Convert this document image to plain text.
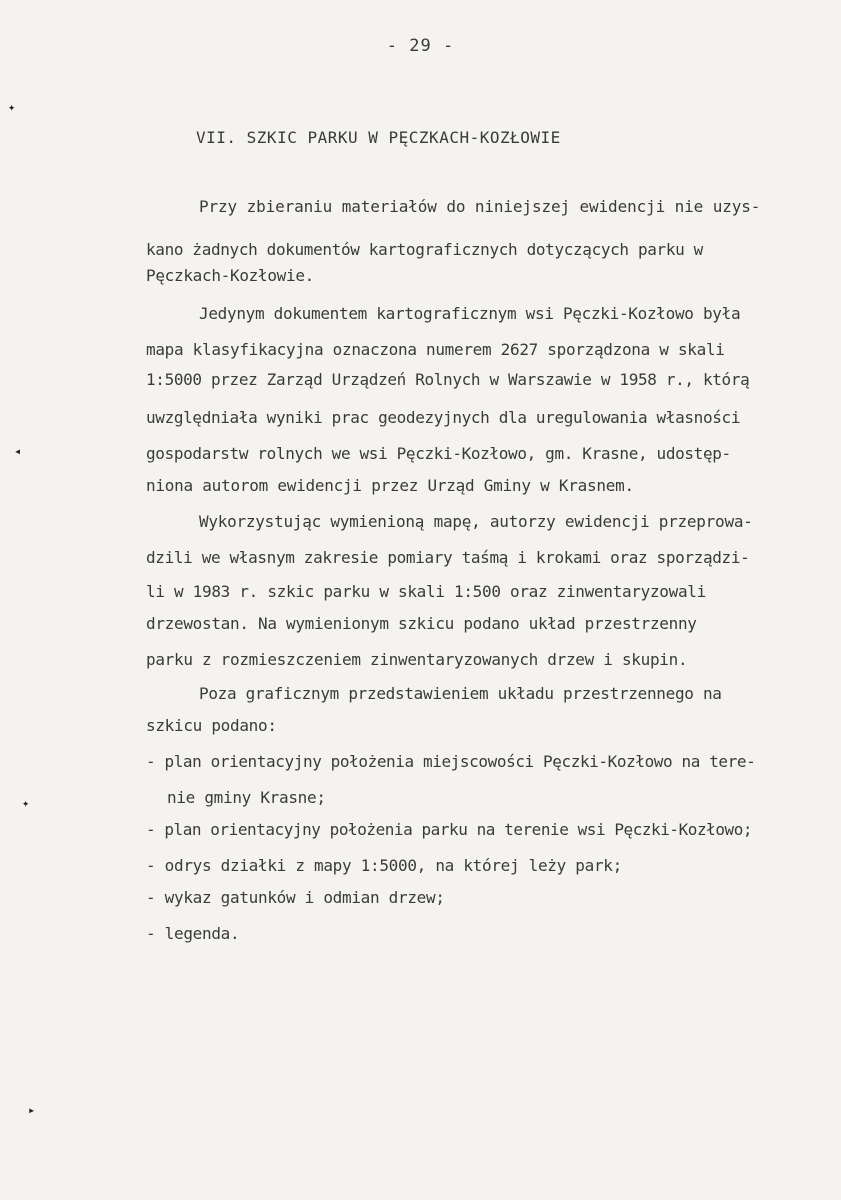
- 29 -
VII. SZKIC PARKU W PĘCZKACH-KOZŁOWIE
Przy zbieraniu materiałów do niniejszej ewidencji nie uzys-
kano żadnych dokumentów kartograficznych dotyczących parku w
Pęczkach-Kozłowie.
Jedynym dokumentem kartograficznym wsi Pęczki-Kozłowo była
mapa klasyfikacyjna oznaczona numerem 2627 sporządzona w skali
1:5000 przez Zarząd Urządzeń Rolnych w Warszawie w 1958 r., którą
uwzględniała wyniki prac geodezyjnych dla uregulowania własności
gospodarstw rolnych we wsi Pęczki-Kozłowo, gm. Krasne, udostęp-
niona autorom ewidencji przez Urząd Gminy w Krasnem.
Wykorzystując wymienioną mapę, autorzy ewidencji przeprowa-
dzili we własnym zakresie pomiary taśmą i krokami oraz sporządzi-
li w 1983 r. szkic parku w skali 1:500 oraz zinwentaryzowali
drzewostan. Na wymienionym szkicu podano układ przestrzenny
parku z rozmieszczeniem zinwentaryzowanych drzew i skupin.
Poza graficznym przedstawieniem układu przestrzennego na
szkicu podano:
- plan orientacyjny położenia miejscowości Pęczki-Kozłowo na tere-
nie gminy Krasne;
- plan orientacyjny położenia parku na terenie wsi Pęczki-Kozłowo;
- odrys działki z mapy 1:5000, na której leży park;
- wykaz gatunków i odmian drzew;
- legenda.
✦
◂
✦
▸
